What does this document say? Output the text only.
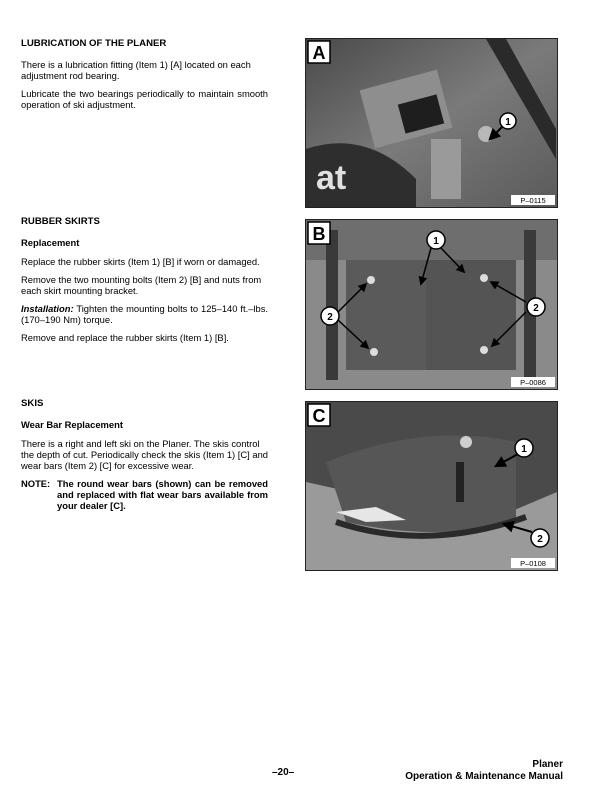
LUBRICATION OF THE PLANER

There is a lubrication fitting (Item 1) [A] located on each adjustment rod bearing.

Lubricate the two bearings periodically to maintain smooth operation of ski adjustment.

RUBBER SKIRTS
Replacement

Replace the rubber skirts (Item 1) [B] if worn or damaged.

Remove the two mounting bolts (Item 2) [B] and nuts from each skirt mounting bracket.

Installation: Tighten the mounting bolts to 125–140 ft.–lbs. (170–190 Nm) torque.

Remove and replace the rubber skirts (Item 1) [B].

SKIS
Wear Bar Replacement

There is a right and left ski on the Planer. The skis control the depth of cut. Periodically check the skis (Item 1) [C] and wear bars (Item 2) [C] for excessive wear.

NOTE: The round wear bars (shown) can be removed and replaced with flat wear bars available from your dealer [C].
at
1
A
P–0115
1
2
2
B
P–0086
1
2
C
P–0108
–20–
Planer
Operation & Maintenance Manual
